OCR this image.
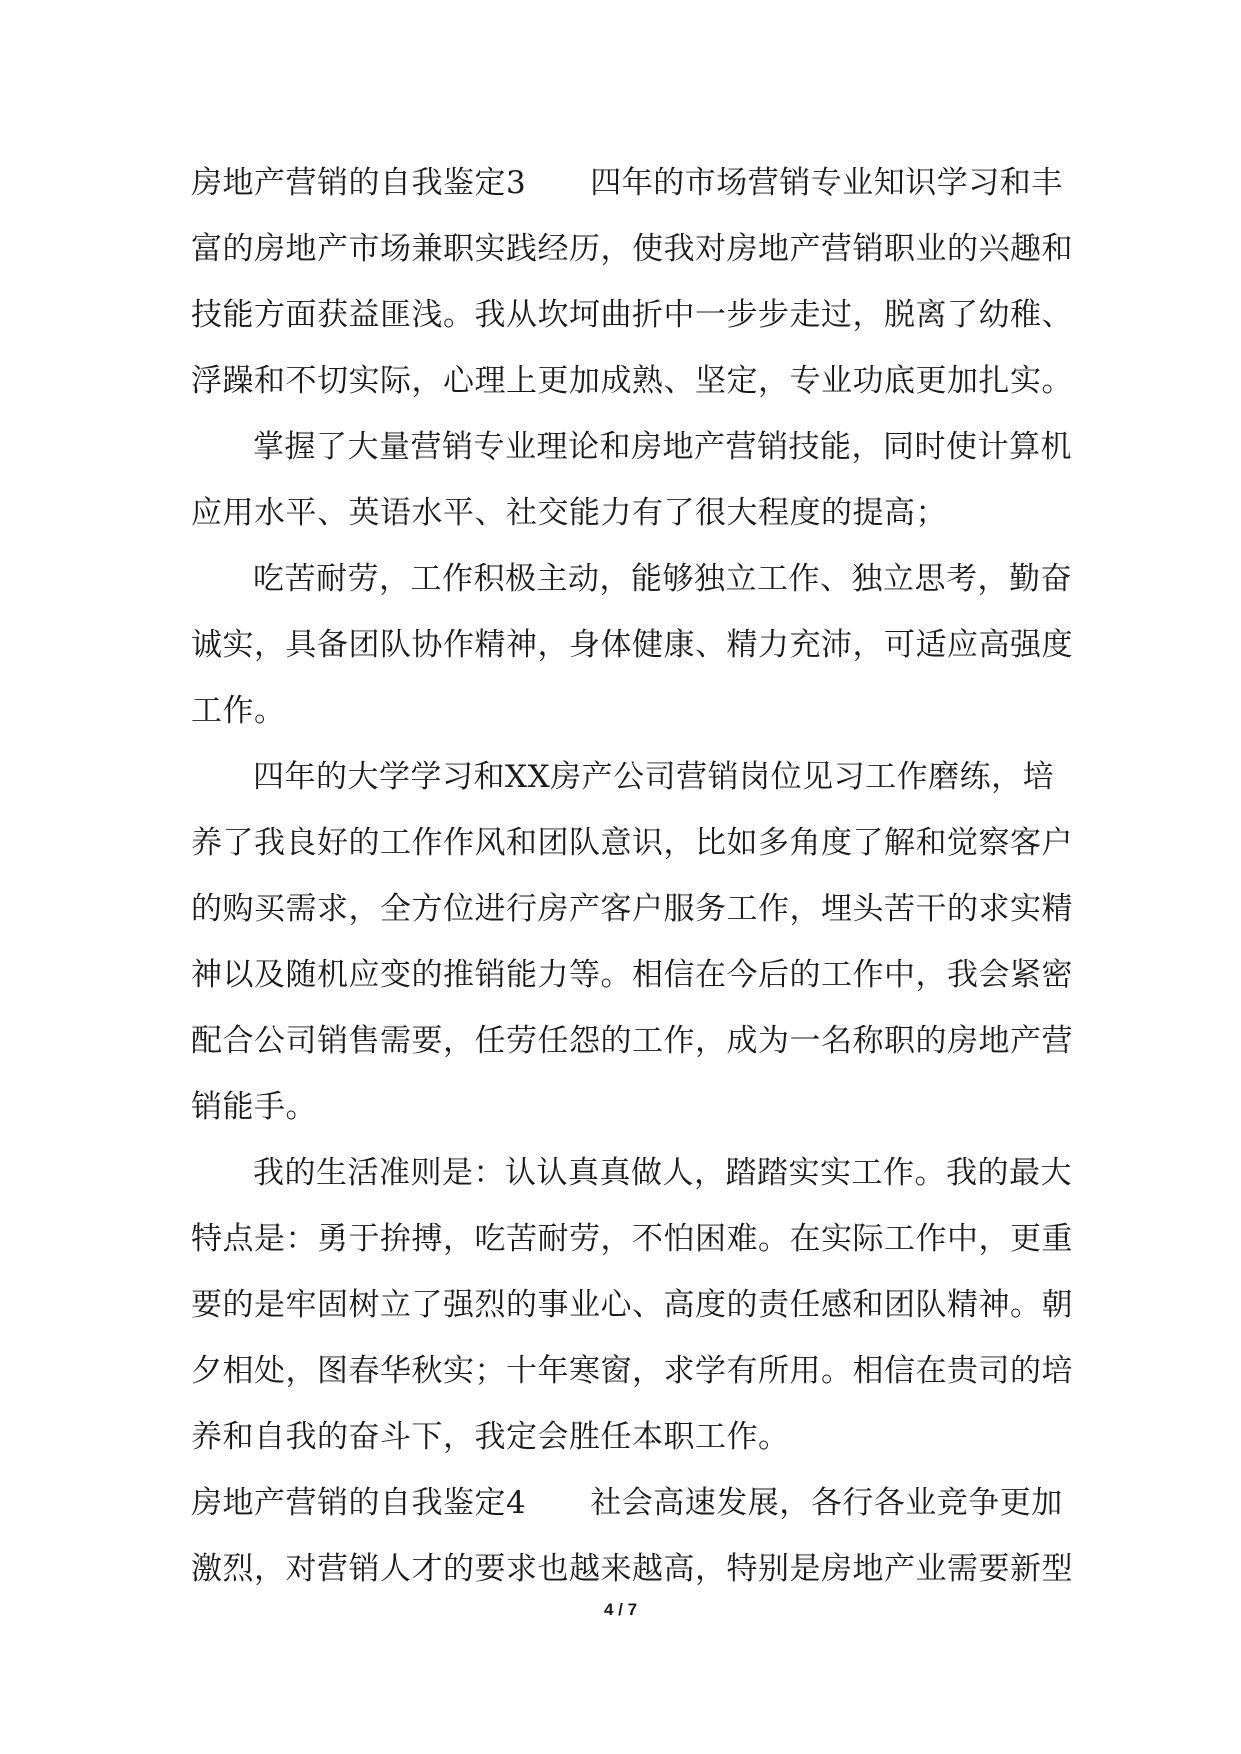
房地产营销的自我鉴定3 四年的市场营销专业知识学习和丰
富的房地产市场兼职实践经历，使我对房地产营销职业的兴趣和
技能方面获益匪浅。我从坎坷曲折中一步步走过，脱离了幼稚、
浮躁和不切实际，心理上更加成熟、坚定，专业功底更加扎实。
掌握了大量营销专业理论和房地产营销技能，同时使计算机
应用水平、英语水平、社交能力有了很大程度的提高；
吃苦耐劳，工作积极主动，能够独立工作、独立思考，勤奋
诚实，具备团队协作精神，身体健康、精力充沛，可适应高强度
工作。
四年的大学学习和XX房产公司营销岗位见习工作磨练，培
养了我良好的工作作风和团队意识，比如多角度了解和觉察客户
的购买需求，全方位进行房产客户服务工作，埋头苦干的求实精
神以及随机应变的推销能力等。相信在今后的工作中，我会紧密
配合公司销售需要，任劳任怨的工作，成为一名称职的房地产营
销能手。
我的生活准则是：认认真真做人，踏踏实实工作。我的最大
特点是：勇于拚搏，吃苦耐劳，不怕困难。在实际工作中，更重
要的是牢固树立了强烈的事业心、高度的责任感和团队精神。朝
夕相处，图春华秋实；十年寒窗，求学有所用。相信在贵司的培
养和自我的奋斗下，我定会胜任本职工作。
房地产营销的自我鉴定4 社会高速发展，各行各业竞争更加
激烈，对营销人才的要求也越来越高，特别是房地产业需要新型
4 / 7
